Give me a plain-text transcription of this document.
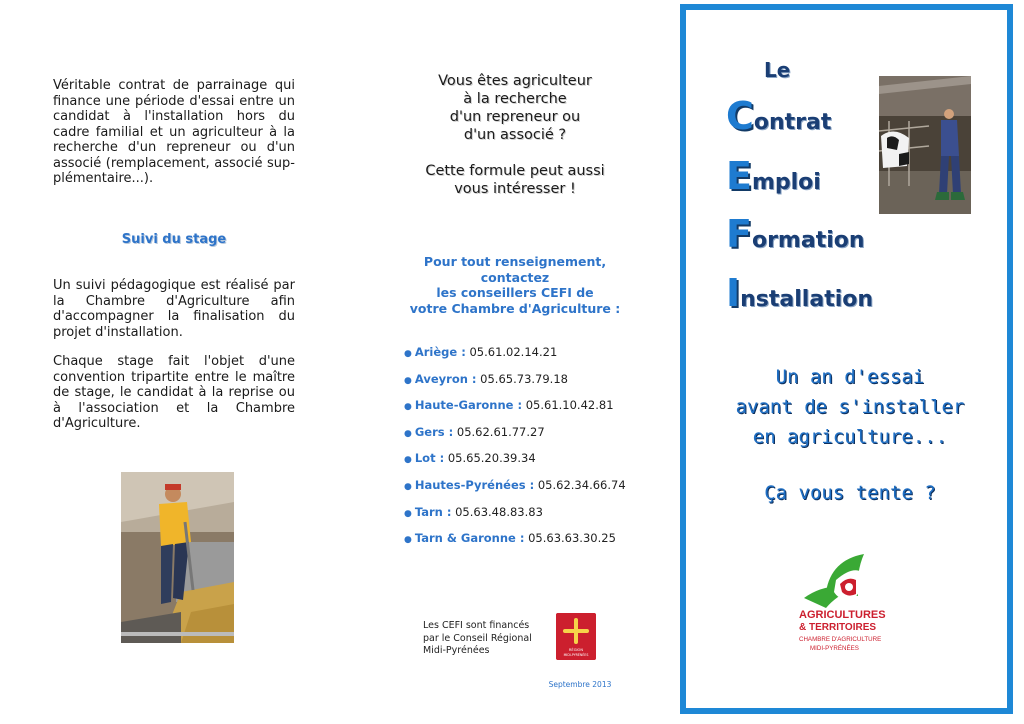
Véritable contrat de parrainage qui finance une période d'essai entre un candidat à l'installation hors du cadre familial et un agriculteur à la recherche d'un repreneur ou d'un associé (remplacement, associé sup-plémentaire...).
Suivi du stage
Un suivi pédagogique est réalisé par la Chambre d'Agriculture afin d'accompagner la finalisation du projet d'installation.
Chaque stage fait l'objet d'une convention tripartite entre le maître de stage, le candidat à la reprise ou à l'association et la Chambre d'Agriculture.
Vous êtes agriculteur
à la recherche
d'un repreneur ou
d'un associé ?
Cette formule peut aussi
vous intéresser !
Pour tout renseignement,
contactez
les conseillers CEFI de
votre Chambre d'Agriculture :
● Ariège : 05.61.02.14.21
● Aveyron : 05.65.73.79.18
● Haute-Garonne : 05.61.10.42.81
● Gers : 05.62.61.77.27
● Lot : 05.65.20.39.34
● Hautes-Pyrénées : 05.62.34.66.74
● Tarn : 05.63.48.83.83
● Tarn & Garonne : 05.63.63.30.25
Les CEFI sont financés
par le Conseil Régional
Midi-Pyrénées	RÉGION
MIDI-PYRÉNÉES
Septembre 2013
Le
Contrat
Emploi
Formation
Installation
Un an d'essai
avant de s'installer
en agriculture...
Ça vous tente ?
AGRICULTURES
& TERRITOIRES
CHAMBRE D'AGRICULTURE
MIDI-PYRÉNÉES
